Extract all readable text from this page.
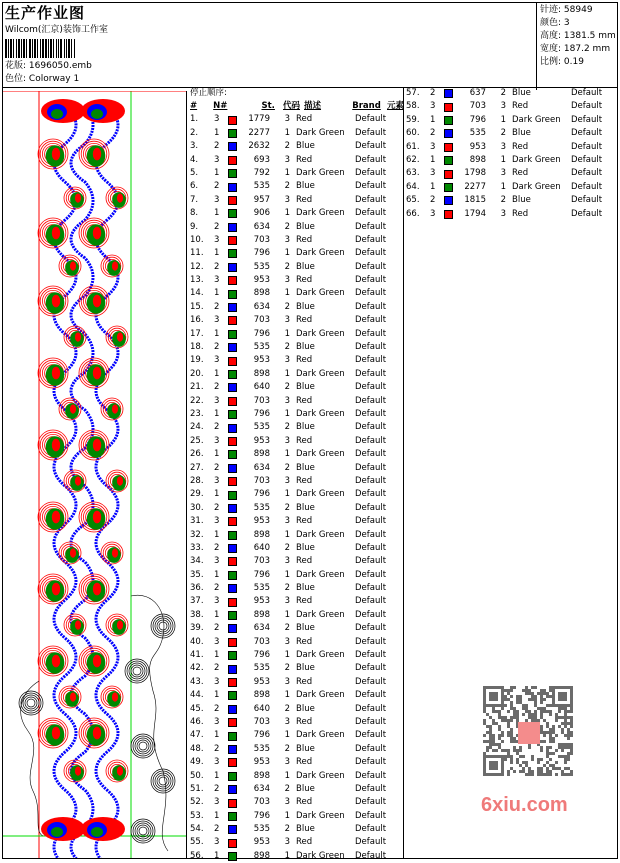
生产作业图
Wilcom(汇京)装饰工作室
花版: 1696050.emb
色位: Colorway 1
针迹: 58949
颜色: 3
高度: 1381.5 mm
宽度: 187.2 mm
比例: 0.19
停止顺序:
#	N#	St. 代码 描述	Brand 元素
1.	3	1779	3 Red	Default
2.	1	2277	1 Dark Green	Default
3.	2	2632	2 Blue	Default
4.	3	693	3 Red	Default
5.	1	792	1 Dark Green	Default
6.	2	535	2 Blue	Default
7.	3	957	3 Red	Default
8.	1	906	1 Dark Green	Default
9.	2	634	2 Blue	Default
10.	3	703	3 Red	Default
11.	1	796	1 Dark Green	Default
12.	2	535	2 Blue	Default
13.	3	953	3 Red	Default
14.	1	898	1 Dark Green	Default
15.	2	634	2 Blue	Default
16.	3	703	3 Red	Default
17.	1	796	1 Dark Green	Default
18.	2	535	2 Blue	Default
19.	3	953	3 Red	Default
20.	1	898	1 Dark Green	Default
21.	2	640	2 Blue	Default
22.	3	703	3 Red	Default
23.	1	796	1 Dark Green	Default
24.	2	535	2 Blue	Default
25.	3	953	3 Red	Default
26.	1	898	1 Dark Green	Default
27.	2	634	2 Blue	Default
28.	3	703	3 Red	Default
29.	1	796	1 Dark Green	Default
30.	2	535	2 Blue	Default
31.	3	953	3 Red	Default
32.	1	898	1 Dark Green	Default
33.	2	640	2 Blue	Default
34.	3	703	3 Red	Default
35.	1	796	1 Dark Green	Default
36.	2	535	2 Blue	Default
37.	3	953	3 Red	Default
38.	1	898	1 Dark Green	Default
39.	2	634	2 Blue	Default
40.	3	703	3 Red	Default
41.	1	796	1 Dark Green	Default
42.	2	535	2 Blue	Default
43.	3	953	3 Red	Default
44.	1	898	1 Dark Green	Default
45.	2	640	2 Blue	Default
46.	3	703	3 Red	Default
47.	1	796	1 Dark Green	Default
48.	2	535	2 Blue	Default
49.	3	953	3 Red	Default
50.	1	898	1 Dark Green	Default
51.	2	634	2 Blue	Default
52.	3	703	3 Red	Default
53.	1	796	1 Dark Green	Default
54.	2	535	2 Blue	Default
55.	3	953	3 Red	Default
56.	1	898	1 Dark Green	Default
57.	2	637	2 Blue	Default
58.	3	703	3 Red	Default
59.	1	796	1 Dark Green	Default
60.	2	535	2 Blue	Default
61.	3	953	3 Red	Default
62.	1	898	1 Dark Green	Default
63.	3	1798	3 Red	Default
64.	1	2277	1 Dark Green	Default
65.	2	1815	2 Blue	Default
66.	3	1794	3 Red	Default
6xiu.com
